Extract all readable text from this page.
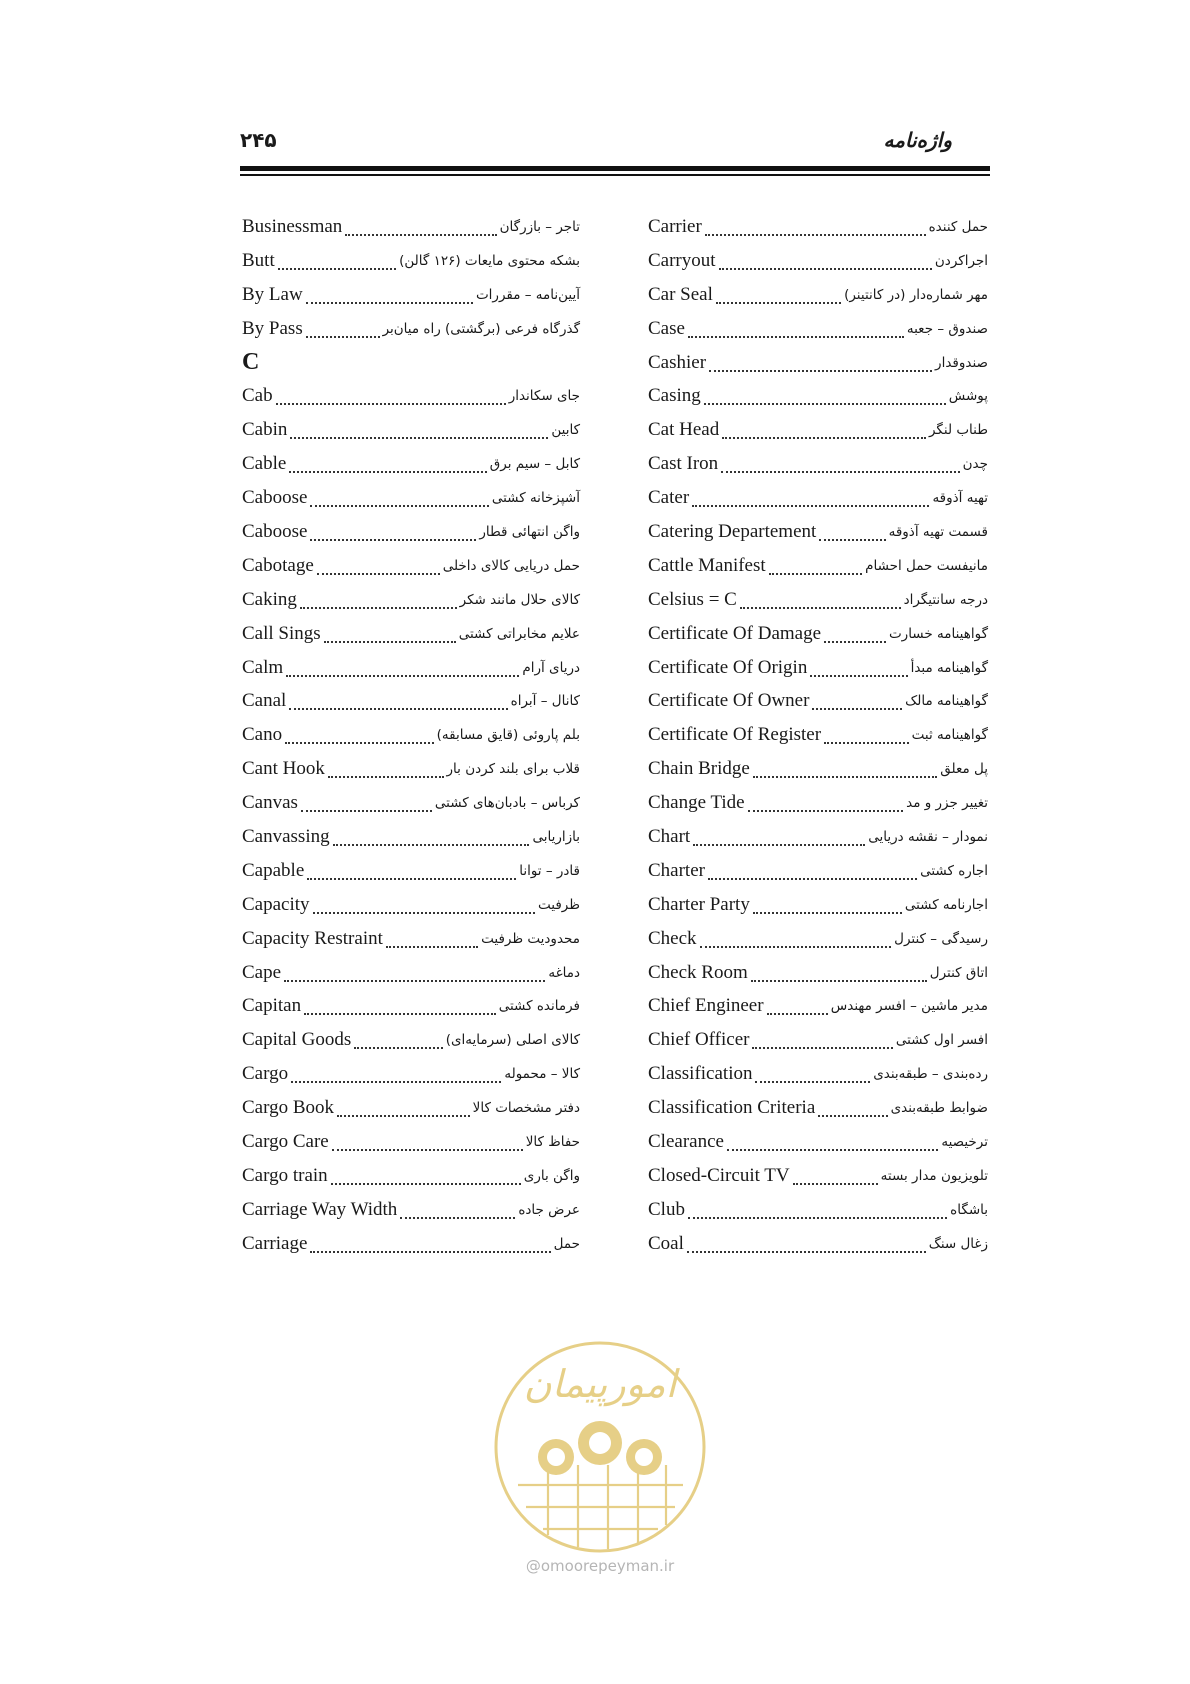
۲۴۵	واژه‌نامه
Businessman	تاجر – بازرگان
Butt	بشکه محتوی مایعات (۱۲۶ گالن)
By Law	آیین‌نامه – مقررات
By Pass	گذرگاه فرعی (برگشتی) راه میان‌بر
C
Cab	جای سکاندار
Cabin	کابین
Cable	کابل – سیم برق
Caboose	آشپزخانه کشتی
Caboose	واگن انتهائی قطار
Cabotage	حمل دریایی کالای داخلی
Caking	کالای حلال مانند شکر
Call Sings	علایم مخابراتی کشتی
Calm	دریای آرام
Canal	کانال – آبراه
Cano	بلم پاروئی (قایق مسابقه)
Cant Hook	قلاب برای بلند کردن بار
Canvas	کرباس – بادبان‌های کشتی
Canvassing	بازاریابی
Capable	قادر – توانا
Capacity	ظرفیت
Capacity Restraint	محدودیت ظرفیت
Cape	دماغه
Capitan	فرمانده کشتی
Capital Goods	کالای اصلی (سرمایه‌ای)
Cargo	کالا – محموله
Cargo Book	دفتر مشخصات کالا
Cargo Care	حفاظ کالا
Cargo train	واگن باری
Carriage Way Width	عرض جاده
Carriage	حمل
Carrier	حمل کننده
Carryout	اجراکردن
Car Seal	مهر شماره‌دار (در کانتینر)
Case	صندوق – جعبه
Cashier	صندوقدار
Casing	پوشش
Cat Head	طناب لنگر
Cast Iron	چدن
Cater	تهیه آذوقه
Catering Departement	قسمت تهیه آذوقه
Cattle Manifest	مانیفست حمل احشام
Celsius = C	درجه سانتیگراد
Certificate Of Damage	گواهینامه خسارت
Certificate Of Origin	گواهینامه مبدأ
Certificate Of Owner	گواهینامه مالک
Certificate Of Register	گواهینامه ثبت
Chain Bridge	پل معلق
Change Tide	تغییر جزر و مد
Chart	نمودار – نقشه دریایی
Charter	اجاره کشتی
Charter Party	اجارنامه کشتی
Check	رسیدگی – کنترل
Check Room	اتاق کنترل
Chief Engineer	مدیر ماشین – افسر مهندس
Chief Officer	افسر اول کشتی
Classification	رده‌بندی – طبقه‌بندی
Classification Criteria	ضوابط طبقه‌بندی
Clearance	ترخیصیه
Closed-Circuit TV	تلویزیون مدار بسته
Club	باشگاه
Coal	زغال سنگ
امورپیمان
@omoorepeyman.ir
